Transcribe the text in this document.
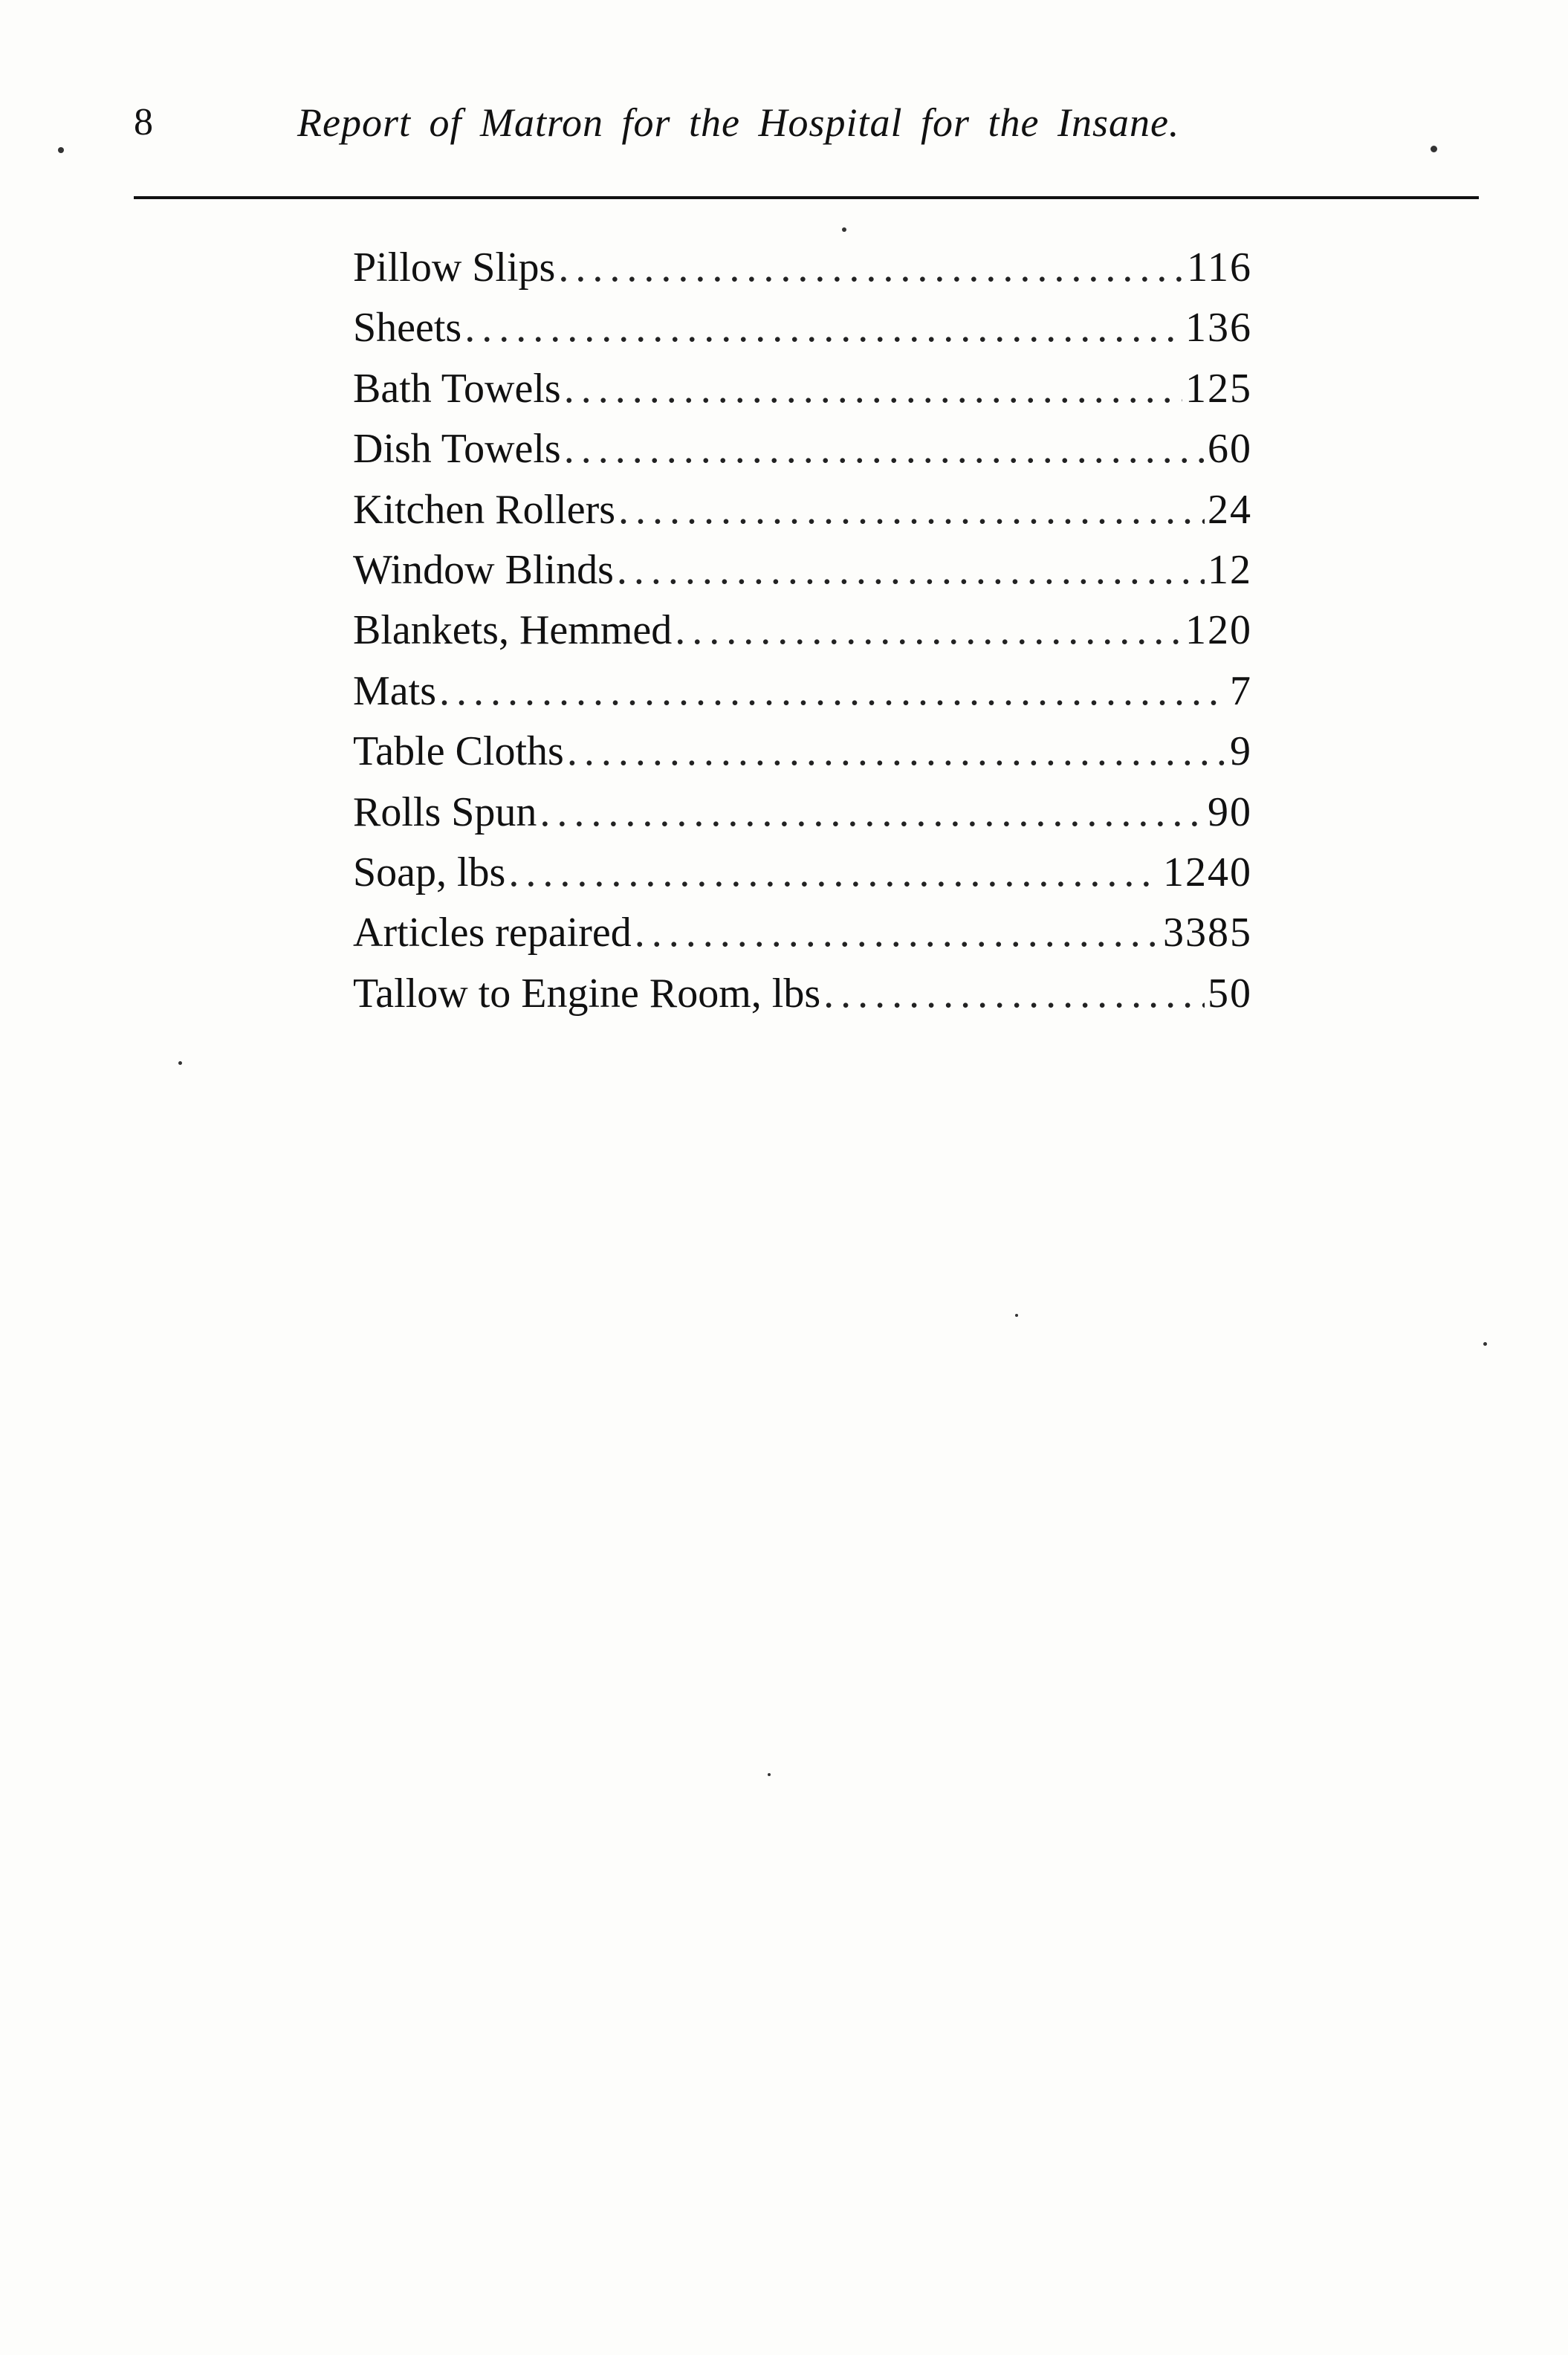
8	Report of Matron for the Hospital for the Insane.
Pillow Slips .....	116
Sheets .....	136
Bath Towels .....	125
Dish Towels .....	60
Kitchen Rollers .....	24
Window Blinds .....	12
Blankets, Hemmed .....	120
Mats .....	7
Table Cloths .....	9
Rolls Spun .....	90
Soap, lbs .....	1240
Articles repaired .....	3385
Tallow to Engine Room, lbs .....	50
